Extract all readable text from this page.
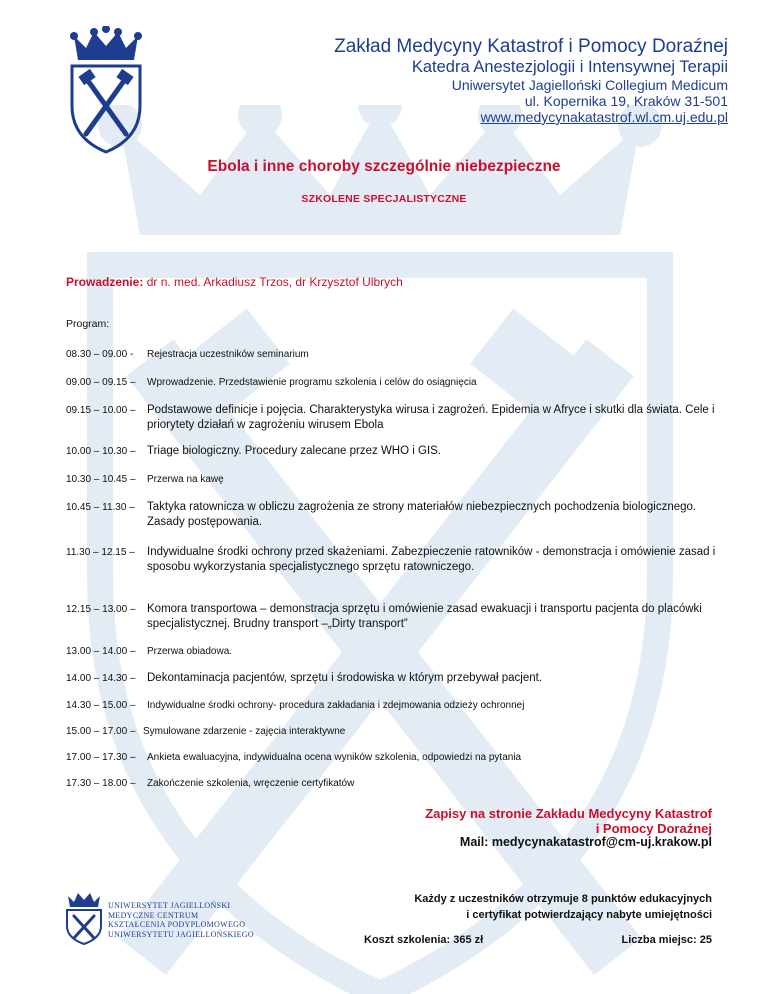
Zakład Medycyny Katastrof i Pomocy Doraźnej
Katedra Anestezjologii i Intensywnej Terapii
Uniwersytet Jagielloński Collegium Medicum
ul. Kopernika 19, Kraków 31-501
www.medycynakatastrof.wl.cm.uj.edu.pl
Ebola i inne choroby szczególnie niebezpieczne
SZKOLENE SPECJALISTYCZNE
Prowadzenie: dr n. med. Arkadiusz Trzos, dr Krzysztof Ulbrych
Program:
08.30 – 09.00 -	Rejestracja uczestników seminarium
09.00 – 09.15 –	Wprowadzenie. Przedstawienie programu szkolenia i celów do osiągnięcia
09.15 – 10.00 – Podstawowe definicje i pojęcia. Charakterystyka wirusa i zagrożeń. Epidemia w Afryce i skutki dla świata. Cele i priorytety działań w zagrożeniu wirusem Ebola
10.00 – 10.30 – Triage biologiczny. Procedury zalecane przez WHO i GIS.
10.30 – 10.45 –	Przerwa na kawę
10.45 – 11.30 –	Taktyka ratownicza w obliczu zagrożenia ze strony materiałów niebezpiecznych pochodzenia biologicznego. Zasady postępowania.
11.30 – 12.15 –	Indywidualne środki ochrony przed skażeniami. Zabezpieczenie ratowników - demonstracja i omówienie zasad i sposobu wykorzystania specjalistycznego sprzętu ratowniczego.
12.15 – 13.00 – Komora transportowa – demonstracja sprzętu i omówienie zasad ewakuacji i transportu pacjenta do placówki specjalistycznej. Brudny transport –„Dirty transport”
13.00 – 14.00 –	Przerwa obiadowa.
14.00 – 14.30 – Dekontaminacja pacjentów, sprzętu i środowiska w którym przebywał pacjent.
14.30 – 15.00 –	Indywidualne środki ochrony- procedura zakładania i zdejmowania odzieży ochronnej
15.00 – 17.00 – Symulowane zdarzenie - zajęcia interaktywne
17.00 – 17.30 –	Ankieta ewaluacyjna, indywidualna ocena wyników szkolenia, odpowiedzi na pytania
17.30 – 18.00 –	Zakończenie szkolenia, wręczenie certyfikatów
Zapisy na stronie Zakładu Medycyny Katastrof
i Pomocy Doraźnej
Mail: medycynakatastrof@cm-uj.krakow.pl
Każdy z uczestników otrzymuje 8 punktów edukacyjnych
i certyfikat potwierdzający nabyte umiejętności
Koszt szkolenia: 365 zł	Liczba miejsc: 25
UNIWERSYTET JAGIELLOŃSKI
MEDYCZNE CENTRUM
KSZTAŁCENIA PODYPLOMOWEGO
UNIWERSYTETU JAGIELLOŃSKIEGO
